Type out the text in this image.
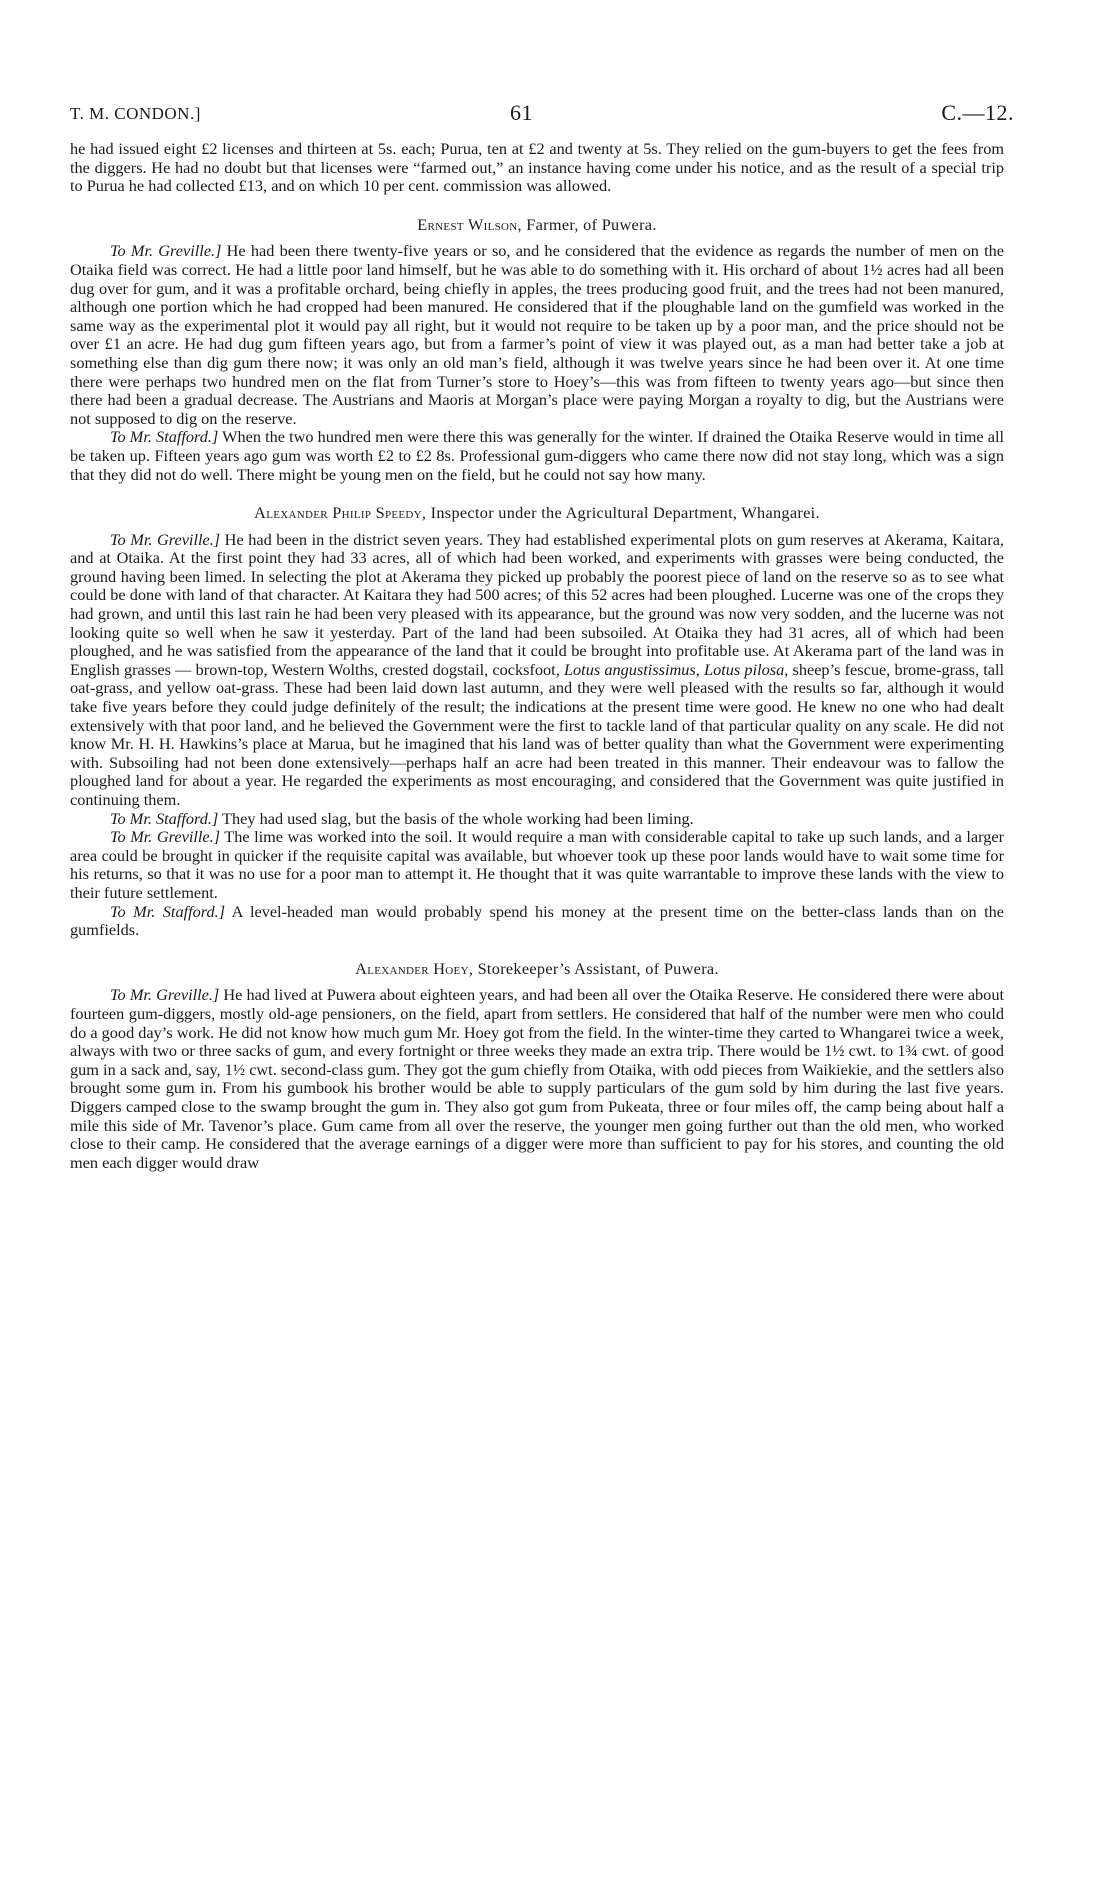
T. M. CONDON.]	61	C.—12.

he had issued eight £2 licenses and thirteen at 5s. each; Purua, ten at £2 and twenty at 5s. They relied on the gum-buyers to get the fees from the diggers. He had no doubt but that licenses were “farmed out,” an instance having come under his notice, and as the result of a special trip to Purua he had collected £13, and on which 10 per cent. commission was allowed.

Ernest Wilson, Farmer, of Puwera.

To Mr. Greville.] He had been there twenty-five years or so, and he considered that the evidence as regards the number of men on the Otaika field was correct. He had a little poor land himself, but he was able to do something with it. His orchard of about 1½ acres had all been dug over for gum, and it was a profitable orchard, being chiefly in apples, the trees producing good fruit, and the trees had not been manured, although one portion which he had cropped had been manured. He considered that if the ploughable land on the gumfield was worked in the same way as the experimental plot it would pay all right, but it would not require to be taken up by a poor man, and the price should not be over £1 an acre. He had dug gum fifteen years ago, but from a farmer’s point of view it was played out, as a man had better take a job at something else than dig gum there now; it was only an old man’s field, although it was twelve years since he had been over it. At one time there were perhaps two hundred men on the flat from Turner’s store to Hoey’s—this was from fifteen to twenty years ago—but since then there had been a gradual decrease. The Austrians and Maoris at Morgan’s place were paying Morgan a royalty to dig, but the Austrians were not supposed to dig on the reserve.

To Mr. Stafford.] When the two hundred men were there this was generally for the winter. If drained the Otaika Reserve would in time all be taken up. Fifteen years ago gum was worth £2 to £2 8s. Professional gum-diggers who came there now did not stay long, which was a sign that they did not do well. There might be young men on the field, but he could not say how many.

Alexander Philip Speedy, Inspector under the Agricultural Department, Whangarei.

To Mr. Greville.] He had been in the district seven years. They had established experimental plots on gum reserves at Akerama, Kaitara, and at Otaika. At the first point they had 33 acres, all of which had been worked, and experiments with grasses were being conducted, the ground having been limed. In selecting the plot at Akerama they picked up probably the poorest piece of land on the reserve so as to see what could be done with land of that character. At Kaitara they had 500 acres; of this 52 acres had been ploughed. Lucerne was one of the crops they had grown, and until this last rain he had been very pleased with its appearance, but the ground was now very sodden, and the lucerne was not looking quite so well when he saw it yesterday. Part of the land had been subsoiled. At Otaika they had 31 acres, all of which had been ploughed, and he was satisfied from the appearance of the land that it could be brought into profitable use. At Akerama part of the land was in English grasses — brown-top, Western Wolths, crested dogstail, cocksfoot, Lotus angustissimus, Lotus pilosa, sheep’s fescue, brome-grass, tall oat-grass, and yellow oat-grass. These had been laid down last autumn, and they were well pleased with the results so far, although it would take five years before they could judge definitely of the result; the indications at the present time were good. He knew no one who had dealt extensively with that poor land, and he believed the Government were the first to tackle land of that particular quality on any scale. He did not know Mr. H. H. Hawkins’s place at Marua, but he imagined that his land was of better quality than what the Government were experimenting with. Subsoiling had not been done extensively—perhaps half an acre had been treated in this manner. Their endeavour was to fallow the ploughed land for about a year. He regarded the experiments as most encouraging, and considered that the Government was quite justified in continuing them.

To Mr. Stafford.] They had used slag, but the basis of the whole working had been liming.

To Mr. Greville.] The lime was worked into the soil. It would require a man with considerable capital to take up such lands, and a larger area could be brought in quicker if the requisite capital was available, but whoever took up these poor lands would have to wait some time for his returns, so that it was no use for a poor man to attempt it. He thought that it was quite warrantable to improve these lands with the view to their future settlement.

To Mr. Stafford.] A level-headed man would probably spend his money at the present time on the better-class lands than on the gumfields.

Alexander Hoey, Storekeeper’s Assistant, of Puwera.

To Mr. Greville.] He had lived at Puwera about eighteen years, and had been all over the Otaika Reserve. He considered there were about fourteen gum-diggers, mostly old-age pensioners, on the field, apart from settlers. He considered that half of the number were men who could do a good day’s work. He did not know how much gum Mr. Hoey got from the field. In the winter-time they carted to Whangarei twice a week, always with two or three sacks of gum, and every fortnight or three weeks they made an extra trip. There would be 1½ cwt. to 1¾ cwt. of good gum in a sack and, say, 1½ cwt. second-class gum. They got the gum chiefly from Otaika, with odd pieces from Waikiekie, and the settlers also brought some gum in. From his gumbook his brother would be able to supply particulars of the gum sold by him during the last five years. Diggers camped close to the swamp brought the gum in. They also got gum from Pukeata, three or four miles off, the camp being about half a mile this side of Mr. Tavenor’s place. Gum came from all over the reserve, the younger men going further out than the old men, who worked close to their camp. He considered that the average earnings of a digger were more than sufficient to pay for his stores, and counting the old men each digger would draw
